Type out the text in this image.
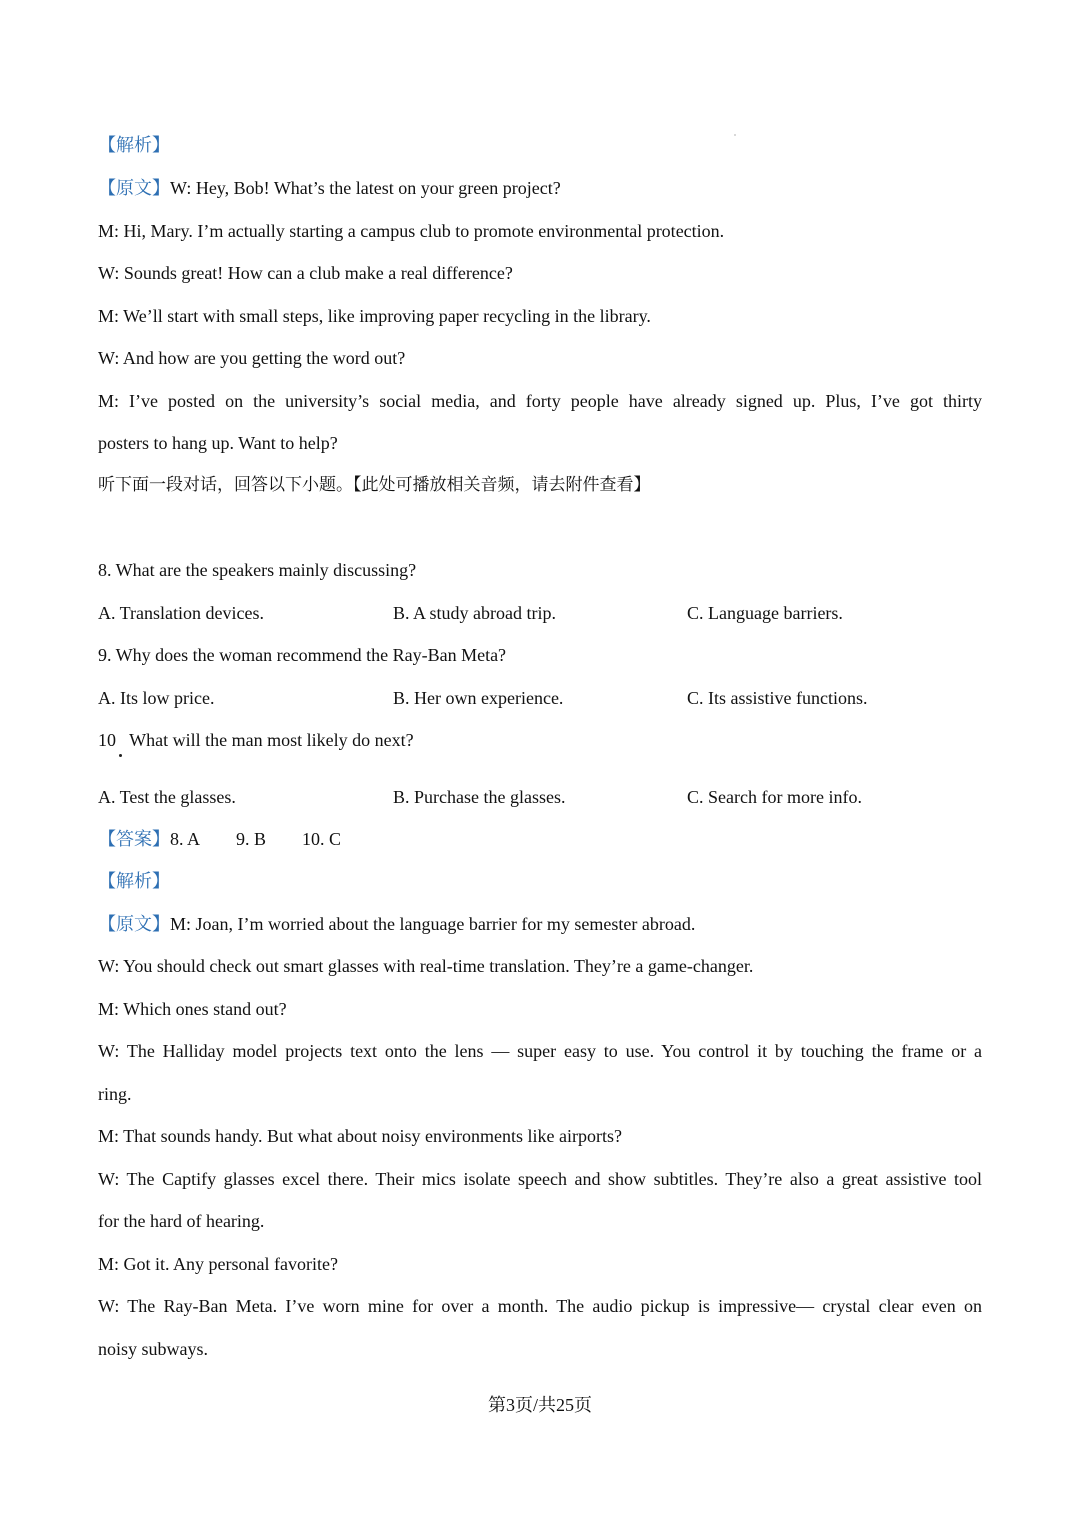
【解析】
【原文】W: Hey, Bob! What’s the latest on your green project?
M: Hi, Mary. I’m actually starting a campus club to promote environmental protection.
W: Sounds great! How can a club make a real difference?
M: We’ll start with small steps, like improving paper recycling in the library.
W: And how are you getting the word out?
M: I’ve posted on the university’s social media, and forty people have already signed up. Plus, I’ve got thirty
posters to hang up. Want to help?
听下面一段对话，回答以下小题。【此处可播放相关音频，请去附件查看】
8. What are the speakers mainly discussing?
A. Translation devices.	B. A study abroad trip.	C. Language barriers.
9. Why does the woman recommend the Ray-Ban Meta?
A. Its low price.	B. Her own experience.	C. Its assistive functions.
10   What will the man most likely do next?
A. Test the glasses.	B. Purchase the glasses.	C. Search for more info.
【答案】8. A 9. B 10. C
【解析】
【原文】M: Joan, I’m worried about the language barrier for my semester abroad.
W: You should check out smart glasses with real-time translation. They’re a game-changer.
M: Which ones stand out?
W: The Halliday model projects text onto the lens — super easy to use. You control it by touching the frame or a
ring.
M: That sounds handy. But what about noisy environments like airports?
W: The Captify glasses excel there. Their mics isolate speech and show subtitles. They’re also a great assistive tool
for the hard of hearing.
M: Got it. Any personal favorite?
W: The Ray-Ban Meta. I’ve worn mine for over a month. The audio pickup is impressive— crystal clear even on
noisy subways.
第3页/共25页
